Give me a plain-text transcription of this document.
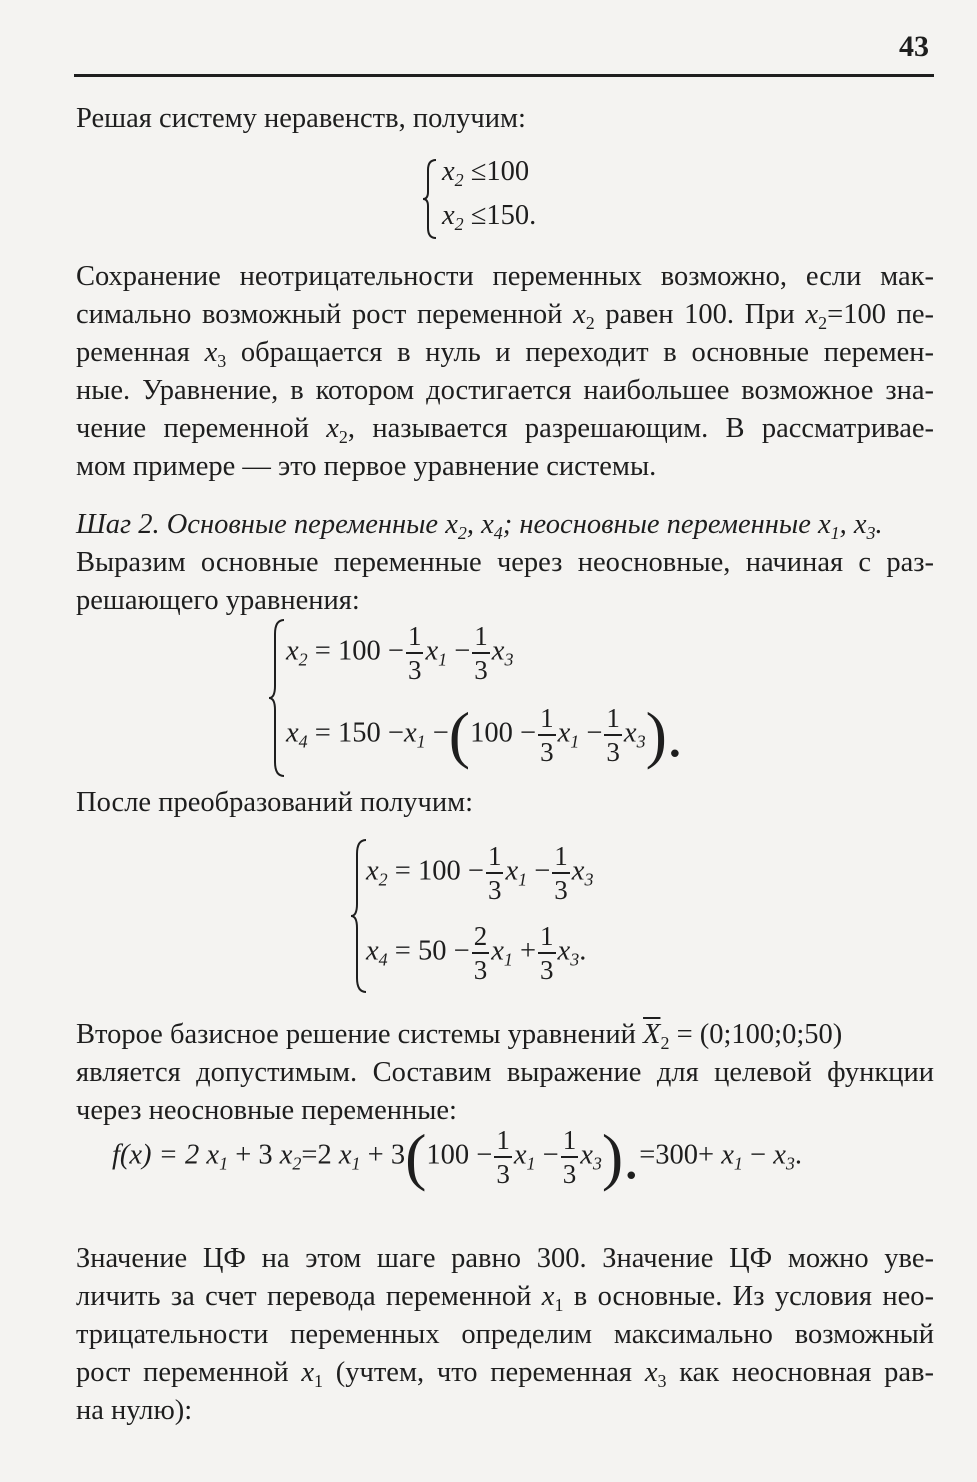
43
Решая систему неравенств, получим:
$x_2 \le 100$
$x_2 \le 150$.
Сохранение неотрицательности переменных возможно, если мак-
симально возможный рост переменной $x_2$ равен 100. При $x_2=100$ пе-
ременная $x_3$ обращается в нуль и переходит в основные перемен-
ные. Уравнение, в котором достигается наибольшее возможное зна-
чение переменной $x_2$, называется разрешающим. В рассматривае-
мом примере — это первое уравнение системы.
Шаг 2. Основные переменные $x_2$, $x_4$; неосновные переменные $x_1$, $x_3$.
Выразим основные переменные через неосновные, начиная с раз-
решающего уравнения:
$x_2 = 100 - \frac{1}{3} x_1 - \frac{1}{3} x_3$
$x_4 = 150 -x_1 -(100 - \frac{1}{3} x_1 - \frac{1}{3} x_3)$.
После преобразований получим:
$x_2 = 100 - \frac{1}{3} x_1 - \frac{1}{3} x_3$
$x_4 = 50 - \frac{2}{3} x_1 + \frac{1}{3} x_3$.
Второе базисное решение системы уравнений $\overline{X}_2$ = (0;100;0;50)
является допустимым. Составим выражение для целевой функции
через неосновные переменные:
f(x) = 2 $x_1 + 3$ $x_2=2$ $x_1 + 3(100 - \frac{1}{3} x_1 - \frac{1}{3} x_3).=300+ x_1 - x_3$.
Значение ЦФ на этом шаге равно 300. Значение ЦФ можно уве-
личить за счет перевода переменной $x_1$ в основные. Из условия нео-
трицательности переменных определим максимально возможный
рост переменной $x_1$ (учтем, что переменная $x_3$ как неосновная рав-
на нулю):
